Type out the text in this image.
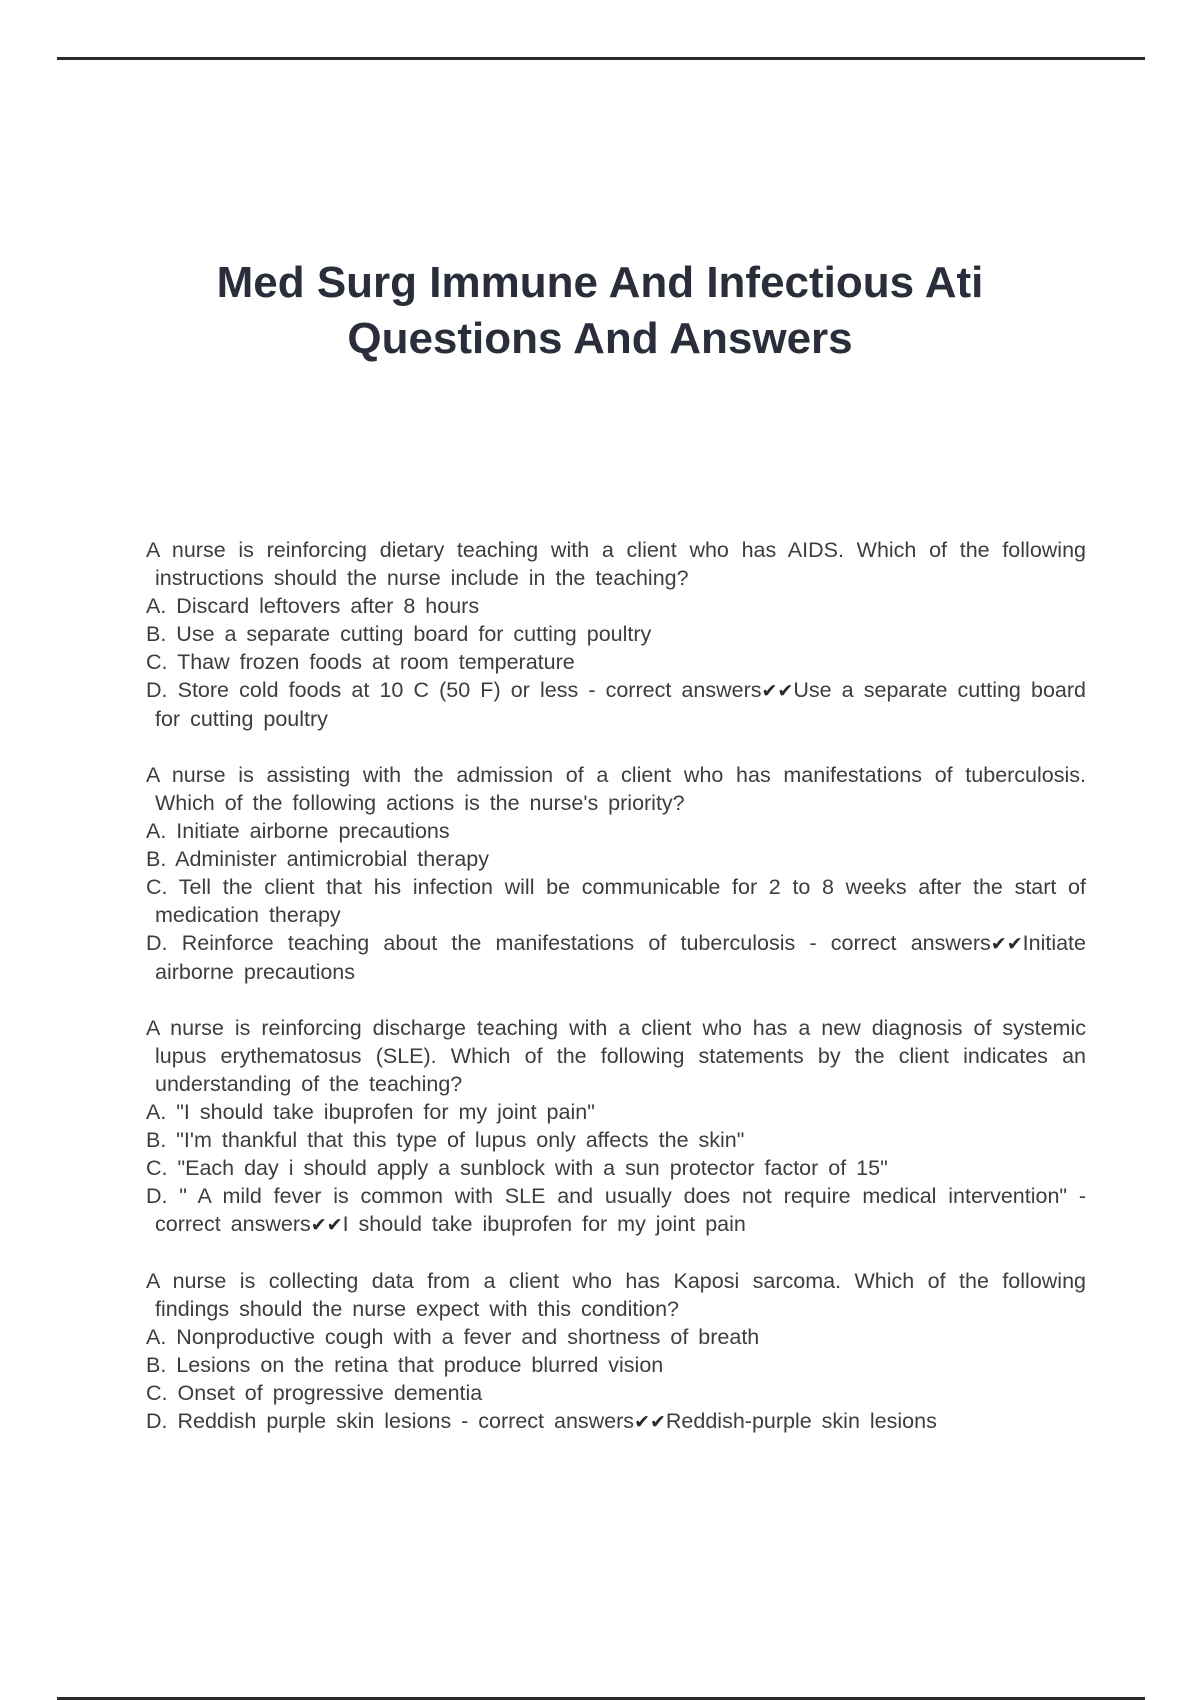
Med Surg Immune And Infectious Ati Questions And Answers

A nurse is reinforcing dietary teaching with a client who has AIDS. Which of the following instructions should the nurse include in the teaching?

A. Discard leftovers after 8 hours

B. Use a separate cutting board for cutting poultry

C. Thaw frozen foods at room temperature

D. Store cold foods at 10 C (50 F) or less - correct answers✔✔Use a separate cutting board for cutting poultry

A nurse is assisting with the admission of a client who has manifestations of tuberculosis. Which of the following actions is the nurse's priority?

A. Initiate airborne precautions

B. Administer antimicrobial therapy

C. Tell the client that his infection will be communicable for 2 to 8 weeks after the start of medication therapy

D. Reinforce teaching about the manifestations of tuberculosis - correct answers✔✔Initiate airborne precautions

A nurse is reinforcing discharge teaching with a client who has a new diagnosis of systemic lupus erythematosus (SLE). Which of the following statements by the client indicates an understanding of the teaching?

A. "I should take ibuprofen for my joint pain"

B. "I'm thankful that this type of lupus only affects the skin"

C. "Each day i should apply a sunblock with a sun protector factor of 15"

D. " A mild fever is common with SLE and usually does not require medical intervention" - correct answers✔✔I should take ibuprofen for my joint pain

A nurse is collecting data from a client who has Kaposi sarcoma. Which of the following findings should the nurse expect with this condition?

A. Nonproductive cough with a fever and shortness of breath

B. Lesions on the retina that produce blurred vision

C. Onset of progressive dementia

D. Reddish purple skin lesions - correct answers✔✔Reddish-purple skin lesions
